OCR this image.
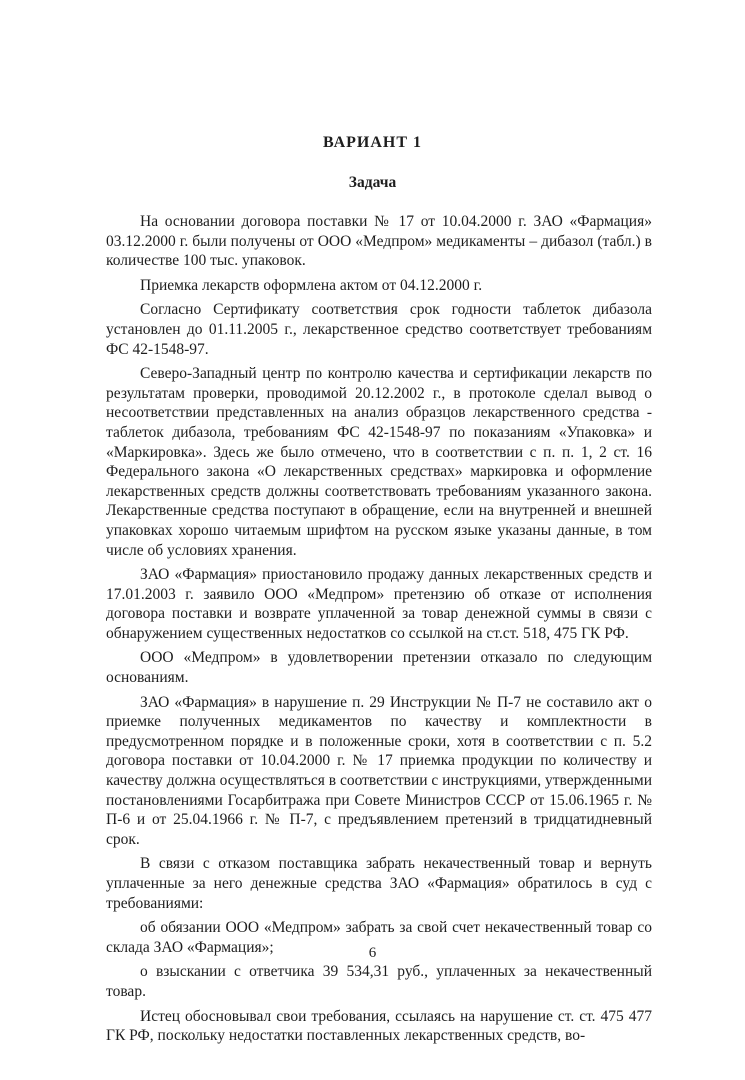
ВАРИАНТ 1
Задача

На основании договора поставки № 17 от 10.04.2000 г. ЗАО «Фармация» 03.12.2000 г. были получены от ООО «Медпром» медикаменты – дибазол (табл.) в количестве 100 тыс. упаковок.

Приемка лекарств оформлена актом от 04.12.2000 г.

Согласно Сертификату соответствия срок годности таблеток дибазола установлен до 01.11.2005 г., лекарственное средство соответствует требованиям ФС 42-1548-97.

Северо-Западный центр по контролю качества и сертификации лекарств по результатам проверки, проводимой 20.12.2002 г., в протоколе сделал вывод о несоответствии представленных на анализ образцов лекарственного средства - таблеток дибазола, требованиям ФС 42-1548-97 по показаниям «Упаковка» и «Маркировка». Здесь же было отмечено, что в соответствии с п. п. 1, 2 ст. 16 Федерального закона «О лекарственных средствах» маркировка и оформление лекарственных средств должны соответствовать требованиям указанного закона. Лекарственные средства поступают в обращение, если на внутренней и внешней упаковках хорошо читаемым шрифтом на русском языке указаны данные, в том числе об условиях хранения.

ЗАО «Фармация» приостановило продажу данных лекарственных средств и 17.01.2003 г. заявило ООО «Медпром» претензию об отказе от исполнения договора поставки и возврате уплаченной за товар денежной суммы в связи с обнаружением существенных недостатков со ссылкой на ст.ст. 518, 475 ГК РФ.

ООО «Медпром» в удовлетворении претензии отказало по следующим основаниям.

ЗАО «Фармация» в нарушение п. 29 Инструкции № П-7 не составило акт о приемке полученных медикаментов по качеству и комплектности в предусмотренном порядке и в положенные сроки, хотя в соответствии с п. 5.2 договора поставки от 10.04.2000 г. № 17 приемка продукции по количеству и качеству должна осуществляться в соответствии с инструкциями, утвержденными постановлениями Госарбитража при Совете Министров СССР от 15.06.1965 г. № П-6 и от 25.04.1966 г. № П-7, с предъявлением претензий в тридцатидневный срок.

В связи с отказом поставщика забрать некачественный товар и вернуть уплаченные за него денежные средства ЗАО «Фармация» обратилось в суд с требованиями:

об обязании ООО «Медпром» забрать за свой счет некачественный товар со склада ЗАО «Фармация»;

о взыскании с ответчика 39 534,31 руб., уплаченных за некачественный товар.

Истец обосновывал свои требования, ссылаясь на нарушение ст. ст. 475 477 ГК РФ, поскольку недостатки поставленных лекарственных средств, во-

6
